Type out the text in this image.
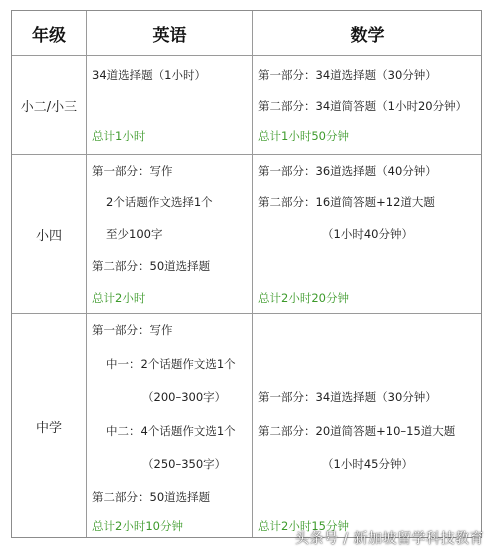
年级	英语	数学
小二/小三
34道选择题（1小时）
总计1小时
第一部分：34道选择题（30分钟）
第二部分：34道简答题（1小时20分钟）
总计1小时50分钟
小四
第一部分：写作
2个话题作文选择1个
至少100字
第二部分：50道选择题
总计2小时
第一部分：36道选择题（40分钟）
第二部分：16道简答题+12道大题
（1小时40分钟）
总计2小时20分钟
中学
第一部分：写作
中一：2个话题作文选1个
（200–300字）
中二：4个话题作文选1个
（250–350字）
第二部分：50道选择题
总计2小时10分钟
第一部分：34道选择题（30分钟）
第二部分：20道简答题+10–15道大题
（1小时45分钟）
总计2小时15分钟
头条号 / 新加坡留学科技教育
